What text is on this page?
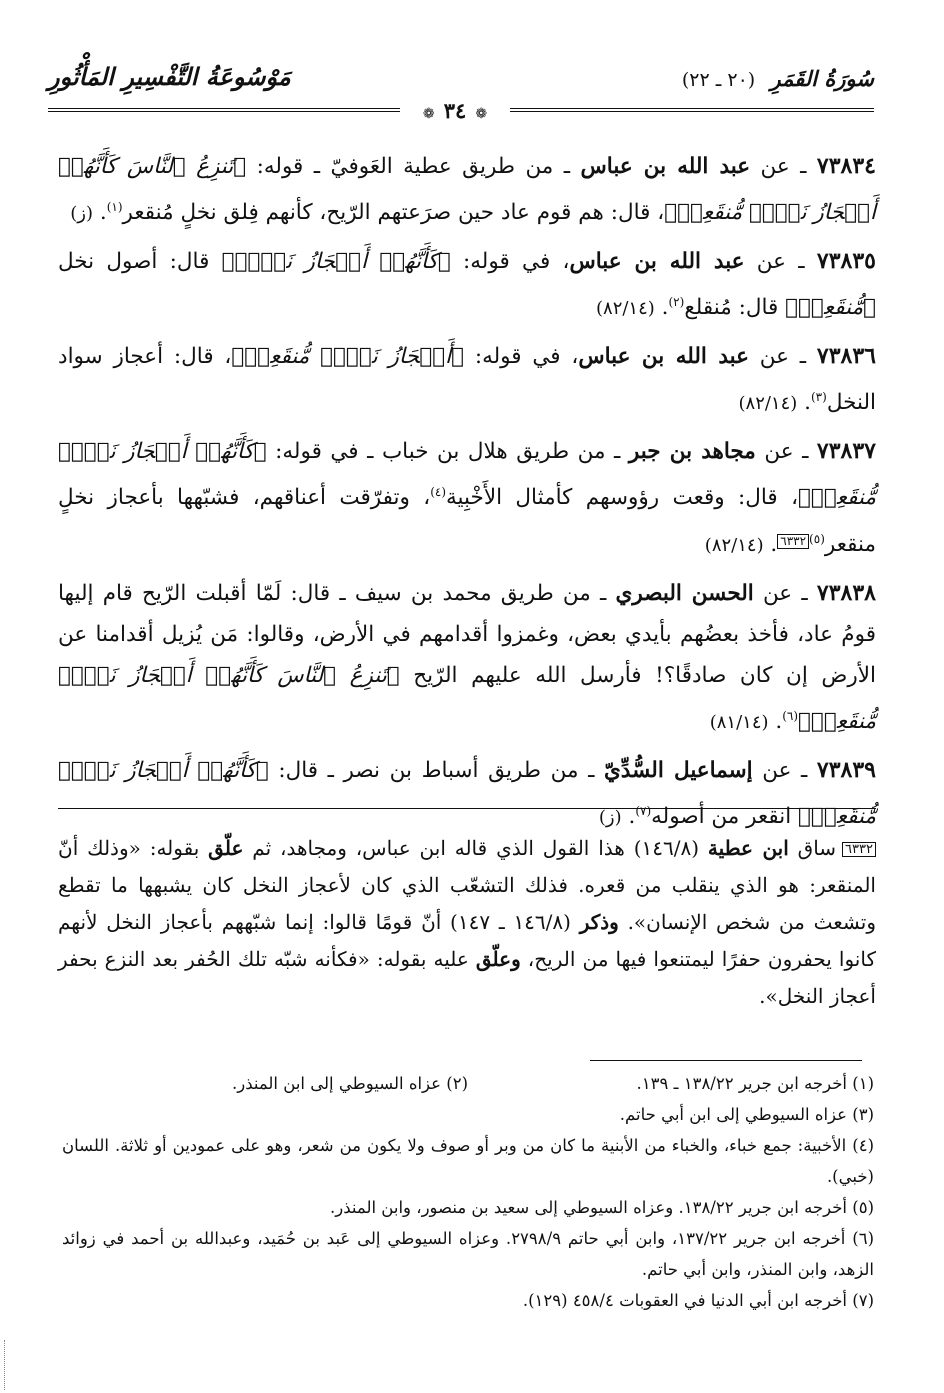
مَوْسُوعَةُ التَّفْسِيرِ المَأْثُورِ	سُورَةُ القَمَرِ (٢٠ ـ ٢٢)
❁ ٣٤ ❁

٧٣٨٣٤ ـ عن عبد الله بن عباس ـ من طريق عطية العَوفيّ ـ قوله: ﴿تَنزِعُ ٱلنَّاسَ كَأَنَّهُمۡ أَعۡجَازُ نَخۡلٖ مُّنقَعِرٖ﴾، قال: هم قوم عاد حين صرَعتهم الرّيح، كأنهم فِلق نخلٍ مُنقعر$^{(١)}$. (ز)

٧٣٨٣٥ ـ عن عبد الله بن عباس، في قوله: ﴿كَأَنَّهُمۡ أَعۡجَازُ نَخۡلٖ﴾ قال: أصول نخل ﴿مُّنقَعِرٖ﴾ قال: مُنقلع$^{(٢)}$. (٨٢/١٤)

٧٣٨٣٦ ـ عن عبد الله بن عباس، في قوله: ﴿أَعۡجَازُ نَخۡلٖ مُّنقَعِرٖ﴾، قال: أعجاز سواد النخل$^{(٣)}$. (٨٢/١٤)

٧٣٨٣٧ ـ عن مجاهد بن جبر ـ من طريق هلال بن خباب ـ في قوله: ﴿كَأَنَّهُمۡ أَعۡجَازُ نَخۡلٖ مُّنقَعِرٖ﴾، قال: وقعت رؤوسهم كأمثال الأَخْبِية$^{(٤)}$، وتفرّقت أعناقهم، فشبّهها بأعجاز نخلٍ منقعر$^{(٥)}$٦٣٣٢. (٨٢/١٤)

٧٣٨٣٨ ـ عن الحسن البصري ـ من طريق محمد بن سيف ـ قال: لَمّا أقبلت الرّيح قام إليها قومُ عاد، فأخذ بعضُهم بأيدي بعض، وغمزوا أقدامهم في الأرض، وقالوا: مَن يُزيل أقدامنا عن الأرض إن كان صادقًا؟! فأرسل الله عليهم الرّيح ﴿تَنزِعُ ٱلنَّاسَ كَأَنَّهُمۡ أَعۡجَازُ نَخۡلٖ مُّنقَعِرٖ﴾$^{(٦)}$. (٨١/١٤)

٧٣٨٣٩ ـ عن إسماعيل السُّدِّيّ ـ من طريق أسباط بن نصر ـ قال: ﴿كَأَنَّهُمۡ أَعۡجَازُ نَخۡلٖ مُّنقَعِرٖ﴾ انقعر من أصوله$^{(٧)}$. (ز)

٦٣٣٢ساق ابن عطية (١٤٦/٨) هذا القول الذي قاله ابن عباس، ومجاهد، ثم علّق بقوله: «وذلك أنّ المنقعر: هو الذي ينقلب من قعره. فذلك التشعّب الذي كان لأعجاز النخل كان يشبهها ما تقطع وتشعث من شخص الإنسان». وذكر (١٤٦/٨ ـ ١٤٧) أنّ قومًا قالوا: إنما شبّههم بأعجاز النخل لأنهم كانوا يحفرون حفرًا ليمتنعوا فيها من الريح، وعلّق عليه بقوله: «فكأنه شبّه تلك الحُفر بعد النزع بحفر أعجاز النخل».
(١) أخرجه ابن جرير ١٣٨/٢٢ ـ ١٣٩.
(٢) عزاه السيوطي إلى ابن المنذر.
(٣) عزاه السيوطي إلى ابن أبي حاتم.
(٤) الأخبية: جمع خباء، والخباء من الأبنية ما كان من وبر أو صوف ولا يكون من شعر، وهو على عمودين أو ثلاثة. اللسان (خبي).
(٥) أخرجه ابن جرير ١٣٨/٢٢. وعزاه السيوطي إلى سعيد بن منصور، وابن المنذر.
(٦) أخرجه ابن جرير ١٣٧/٢٢، وابن أبي حاتم ٢٧٩٨/٩. وعزاه السيوطي إلى عَبد بن حُمَيد، وعبدالله بن أحمد في زوائد الزهد، وابن المنذر، وابن أبي حاتم.
(٧) أخرجه ابن أبي الدنيا في العقوبات ٤٥٨/٤ (١٢٩).
